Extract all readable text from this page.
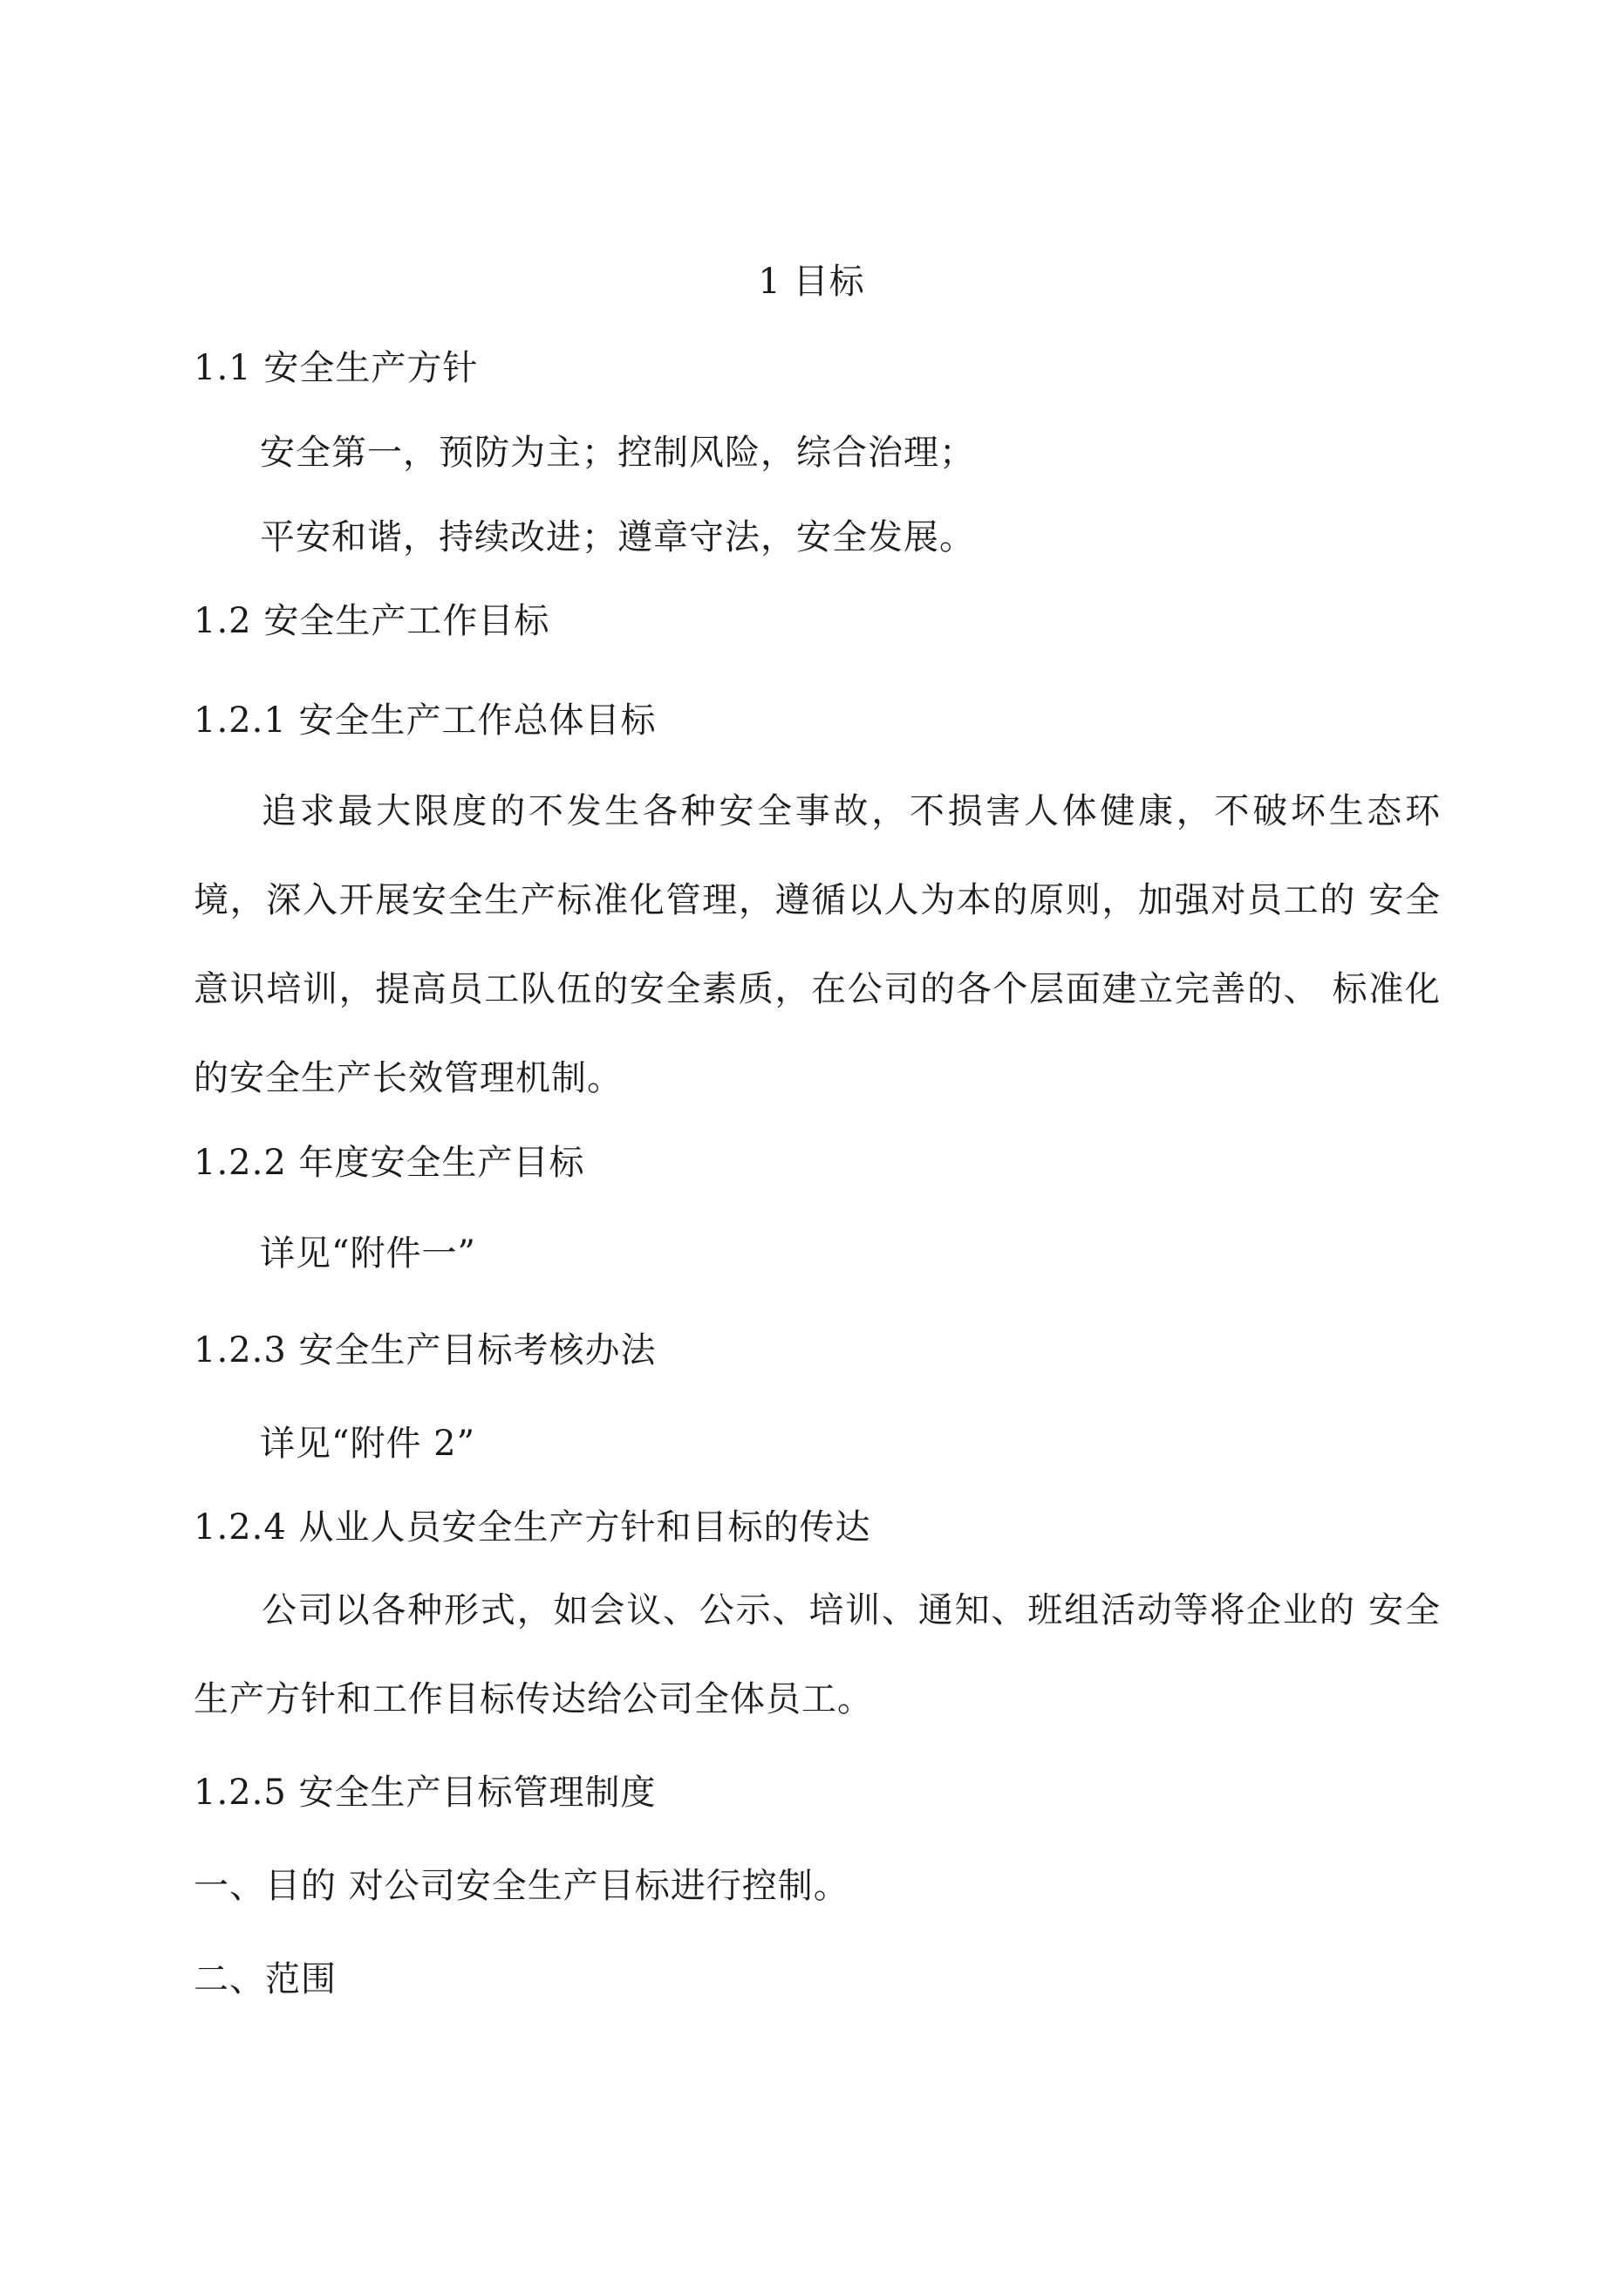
1 目标
1.1 安全生产方针
安全第一，预防为主；控制风险，综合治理；
平安和谐，持续改进；遵章守法，安全发展。
1.2 安全生产工作目标
1.2.1 安全生产工作总体目标
追求最大限度的不发生各种安全事故，不损害人体健康，不破坏生态环 境，深入开展安全生产标准化管理，遵循以人为本的原则，加强对员工的 安全意识培训，提高员工队伍的安全素质，在公司的各个层面建立完善的、 标准化的安全生产长效管理机制。
1.2.2 年度安全生产目标
详见“附件一”
1.2.3 安全生产目标考核办法
详见“附件 2”
1.2.4 从业人员安全生产方针和目标的传达
公司以各种形式，如会议、公示、培训、通知、班组活动等将企业的 安全生产方针和工作目标传达给公司全体员工。
1.2.5 安全生产目标管理制度
一、目的 对公司安全生产目标进行控制。
二、范围
